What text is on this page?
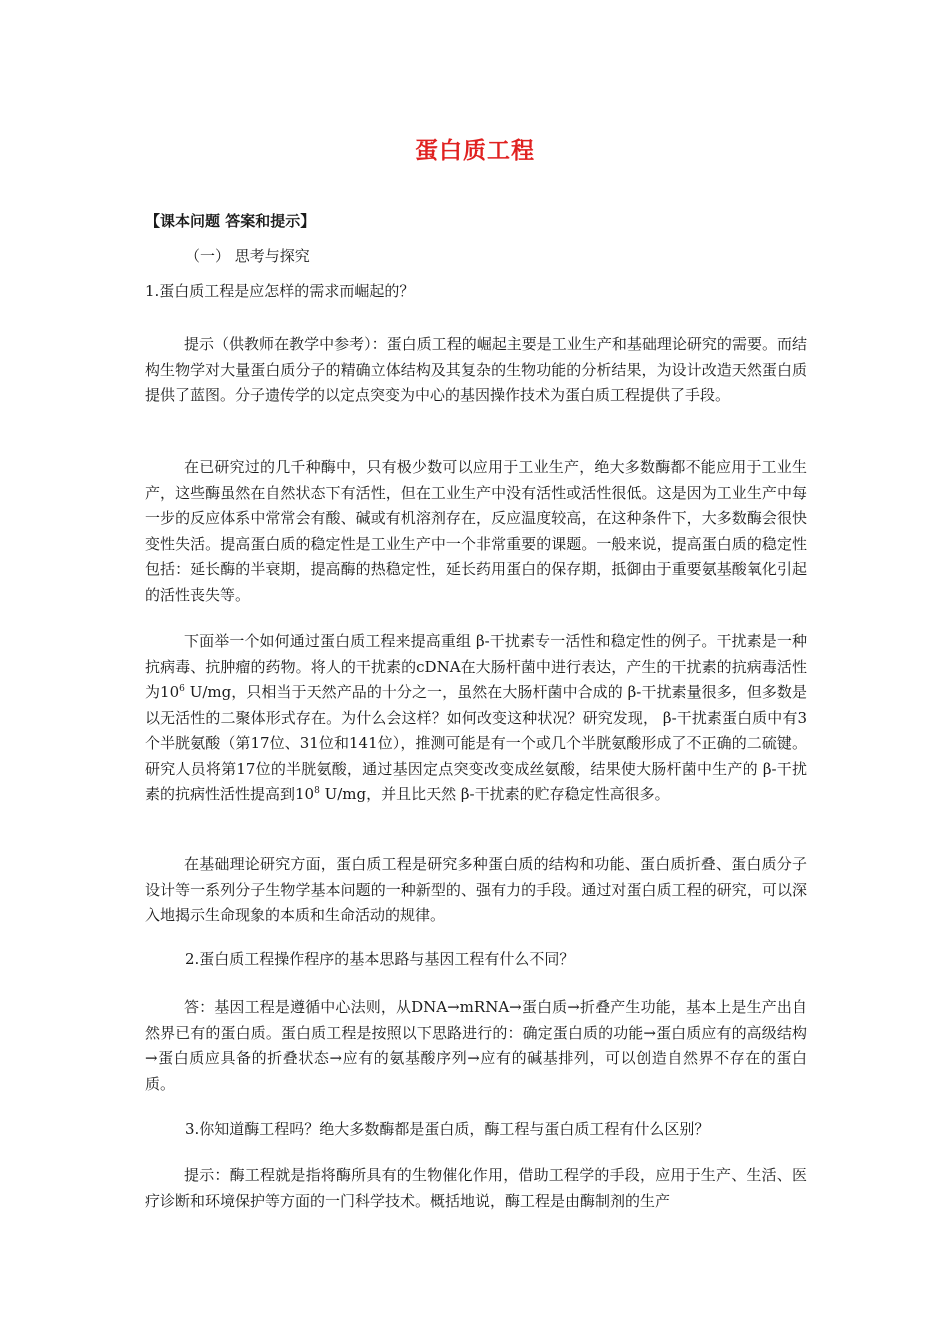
蛋白质工程
【课本问题 答案和提示】
（一） 思考与探究
1.蛋白质工程是应怎样的需求而崛起的？

提示（供教师在教学中参考）：蛋白质工程的崛起主要是工业生产和基础理论研究的需要。而结构生物学对大量蛋白质分子的精确立体结构及其复杂的生物功能的分析结果，为设计改造天然蛋白质提供了蓝图。分子遗传学的以定点突变为中心的基因操作技术为蛋白质工程提供了手段。

在已研究过的几千种酶中，只有极少数可以应用于工业生产，绝大多数酶都不能应用于工业生产，这些酶虽然在自然状态下有活性，但在工业生产中没有活性或活性很低。这是因为工业生产中每一步的反应体系中常常会有酸、碱或有机溶剂存在，反应温度较高，在这种条件下，大多数酶会很快变性失活。提高蛋白质的稳定性是工业生产中一个非常重要的课题。一般来说，提高蛋白质的稳定性包括：延长酶的半衰期，提高酶的热稳定性，延长药用蛋白的保存期，抵御由于重要氨基酸氧化引起的活性丧失等。

下面举一个如何通过蛋白质工程来提高重组 β-干扰素专一活性和稳定性的例子。干扰素是一种抗病毒、抗肿瘤的药物。将人的干扰素的cDNA在大肠杆菌中进行表达，产生的干扰素的抗病毒活性为$10^6$ U/mg，只相当于天然产品的十分之一，虽然在大肠杆菌中合成的 β-干扰素量很多，但多数是以无活性的二聚体形式存在。为什么会这样？如何改变这种状况？研究发现， β-干扰素蛋白质中有3个半胱氨酸（第17位、31位和141位），推测可能是有一个或几个半胱氨酸形成了不正确的二硫键。研究人员将第17位的半胱氨酸，通过基因定点突变改变成丝氨酸，结果使大肠杆菌中生产的 β-干扰素的抗病性活性提高到$10^8$ U/mg，并且比天然 β-干扰素的贮存稳定性高很多。

在基础理论研究方面，蛋白质工程是研究多种蛋白质的结构和功能、蛋白质折叠、蛋白质分子设计等一系列分子生物学基本问题的一种新型的、强有力的手段。通过对蛋白质工程的研究，可以深入地揭示生命现象的本质和生命活动的规律。

2.蛋白质工程操作程序的基本思路与基因工程有什么不同？

答：基因工程是遵循中心法则，从DNA→mRNA→蛋白质→折叠产生功能，基本上是生产出自然界已有的蛋白质。蛋白质工程是按照以下思路进行的：确定蛋白质的功能→蛋白质应有的高级结构→蛋白质应具备的折叠状态→应有的氨基酸序列→应有的碱基排列，可以创造自然界不存在的蛋白质。

3.你知道酶工程吗？绝大多数酶都是蛋白质，酶工程与蛋白质工程有什么区别？

提示：酶工程就是指将酶所具有的生物催化作用，借助工程学的手段，应用于生产、生活、医疗诊断和环境保护等方面的一门科学技术。概括地说，酶工程是由酶制剂的生产
